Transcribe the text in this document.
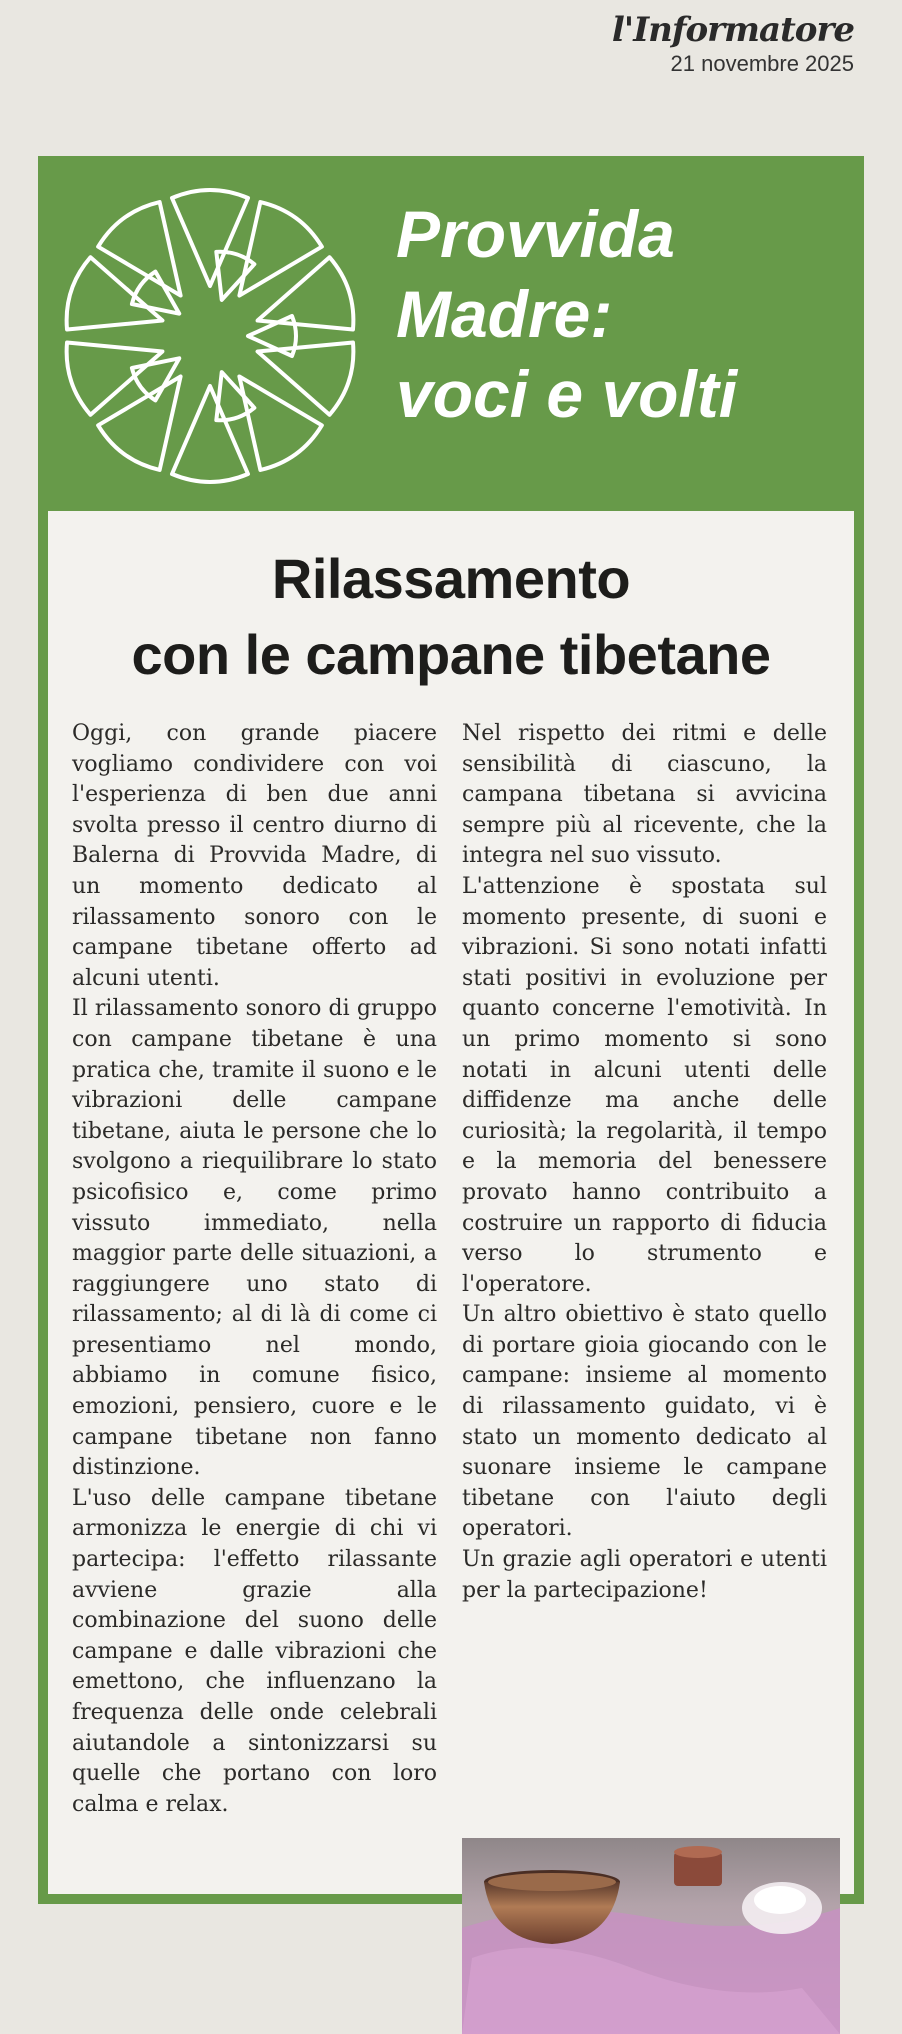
l'Informatore
21 novembre 2025
Provvida
Madre:
voci e volti
Rilassamento
con le campane tibetane

Oggi, con grande piacere vogliamo condividere con voi l'esperienza di ben due anni svolta presso il centro diurno di Balerna di Provvida Madre, di un momento dedicato al rilassamento sonoro con le campane tibetane offerto ad alcuni utenti.

Il rilassamento sonoro di gruppo con campane tibetane è una pratica che, tramite il suono e le vibrazioni delle campane tibetane, aiuta le persone che lo svolgono a riequilibrare lo stato psicofisico e, come primo vissuto immediato, nella maggior parte delle situazioni, a raggiungere uno stato di rilassamento; al di là di come ci presentiamo nel mondo, abbiamo in comune fisico, emozioni, pensiero, cuore e le campane tibetane non fanno distinzione.

L'uso delle campane tibetane armonizza le energie di chi vi partecipa: l'effetto rilassante avviene grazie alla combinazione del suono delle campane e dalle vibrazioni che emettono, che influenzano la frequenza delle onde celebrali aiutandole a sintonizzarsi su quelle che portano con loro calma e relax.

Nel rispetto dei ritmi e delle sensibilità di ciascuno, la campana tibetana si avvicina sempre più al ricevente, che la integra nel suo vissuto.

L'attenzione è spostata sul momento presente, di suoni e vibrazioni. Si sono notati infatti stati positivi in evoluzione per quanto concerne l'emotività. In un primo momento si sono notati in alcuni utenti delle diffidenze ma anche delle curiosità; la regolarità, il tempo e la memoria del benessere provato hanno contribuito a costruire un rapporto di fiducia verso lo strumento e l'operatore.

Un altro obiettivo è stato quello di portare gioia giocando con le campane: insieme al momento di rilassamento guidato, vi è stato un momento dedicato al suonare insieme le campane tibetane con l'aiuto degli operatori.

Un grazie agli operatori e utenti per la partecipazione!
